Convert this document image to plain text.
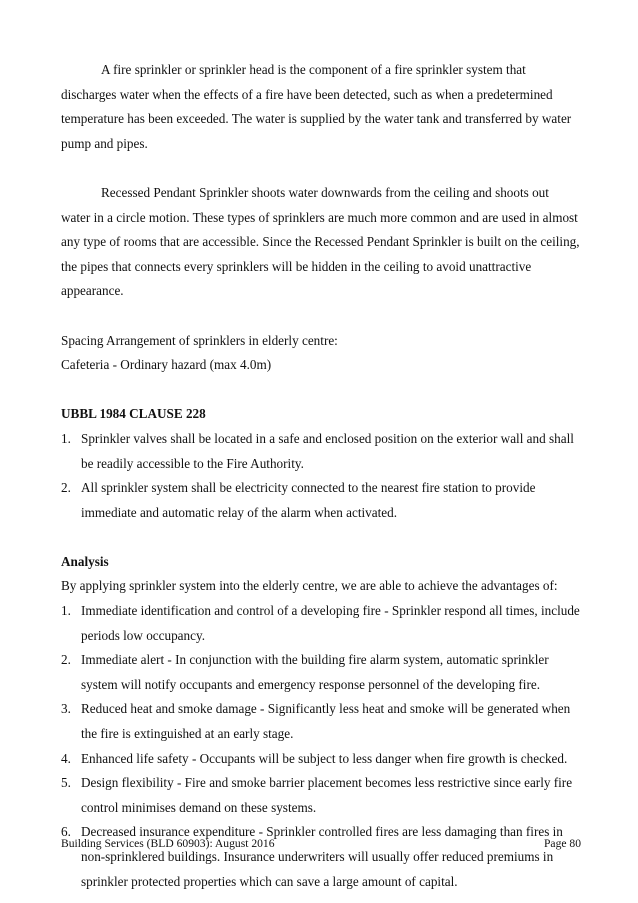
A fire sprinkler or sprinkler head is the component of a fire sprinkler system that discharges water when the effects of a fire have been detected, such as when a predetermined temperature has been exceeded. The water is supplied by the water tank and transferred by water pump and pipes.

Recessed Pendant Sprinkler shoots water downwards from the ceiling and shoots out water in a circle motion. These types of sprinklers are much more common and are used in almost any type of rooms that are accessible. Since the Recessed Pendant Sprinkler is built on the ceiling, the pipes that connects every sprinklers will be hidden in the ceiling to avoid unattractive appearance.

Spacing Arrangement of sprinklers in elderly centre:

Cafeteria - Ordinary hazard (max 4.0m)

UBBL 1984 CLAUSE 228

1. Sprinkler valves shall be located in a safe and enclosed position on the exterior wall and shall be readily accessible to the Fire Authority.
2. All sprinkler system shall be electricity connected to the nearest fire station to provide immediate and automatic relay of the alarm when activated.

Analysis

By applying sprinkler system into the elderly centre, we are able to achieve the advantages of:

1. Immediate identification and control of a developing fire - Sprinkler respond all times, include periods low occupancy.
2. Immediate alert - In conjunction with the building fire alarm system, automatic sprinkler system will notify occupants and emergency response personnel of the developing fire.
3. Reduced heat and smoke damage - Significantly less heat and smoke will be generated when the fire is extinguished at an early stage.
4. Enhanced life safety - Occupants will be subject to less danger when fire growth is checked.
5. Design flexibility - Fire and smoke barrier placement becomes less restrictive since early fire control minimises demand on these systems.
6. Decreased insurance expenditure - Sprinkler controlled fires are less damaging than fires in non-sprinklered buildings. Insurance underwriters will usually offer reduced premiums in sprinkler protected properties which can save a large amount of capital.
Building Services (BLD 60903): August 2016	Page 80
